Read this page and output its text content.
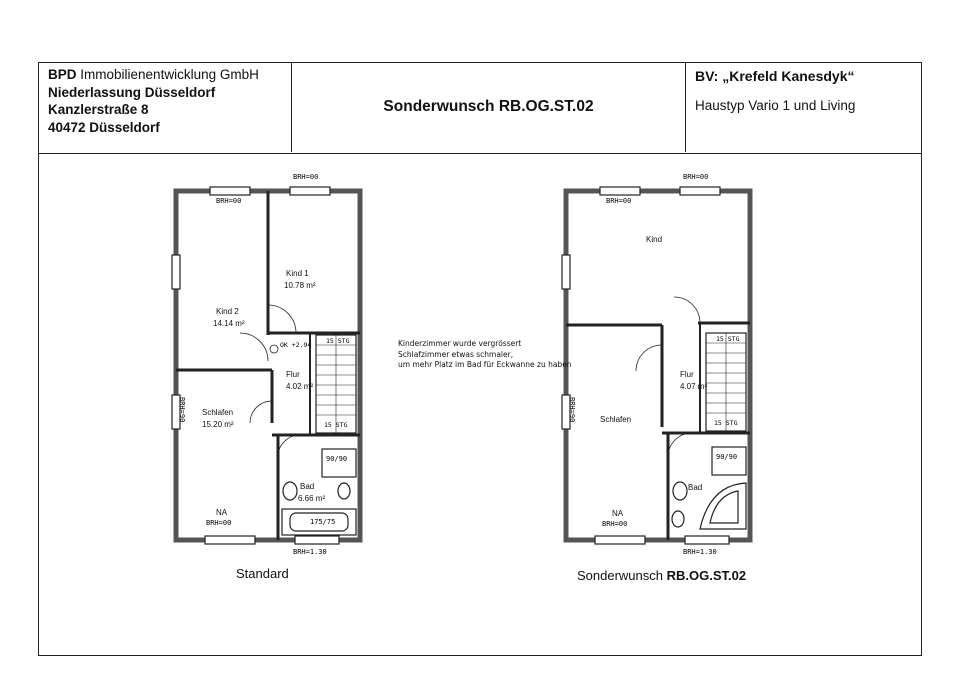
BPD Immobilienentwicklung GmbH
Niederlassung Düsseldorf
Kanzlerstraße 8
40472 Düsseldorf
Sonderwunsch RB.OG.ST.02
BV: „Krefeld Kanesdyk“
Haustyp Vario 1 und Living
BRH=00
BRH=00
BRH=1.30
BRH=90
Kind 1
10.78 m²
Kind 2
14.14 m²
OK +2.94 15 STG
Flur
4.02 m²
15 STG
Schlafen
15.20 m²
90/90
Bad
6.66 m²
175/75
NA
BRH=00
BRH=00
BRH=00
BRH=1.30
BRH=90
Kind
15 STG
Flur
4.07 m²
15 STG
Schlafen
90/90
Bad
NA
BRH=00
Kinderzimmer wurde vergrössert
Schlafzimmer etwas schmaler,
um mehr Platz im Bad für Eckwanne zu haben
Standard	Sonderwunsch RB.OG.ST.02
